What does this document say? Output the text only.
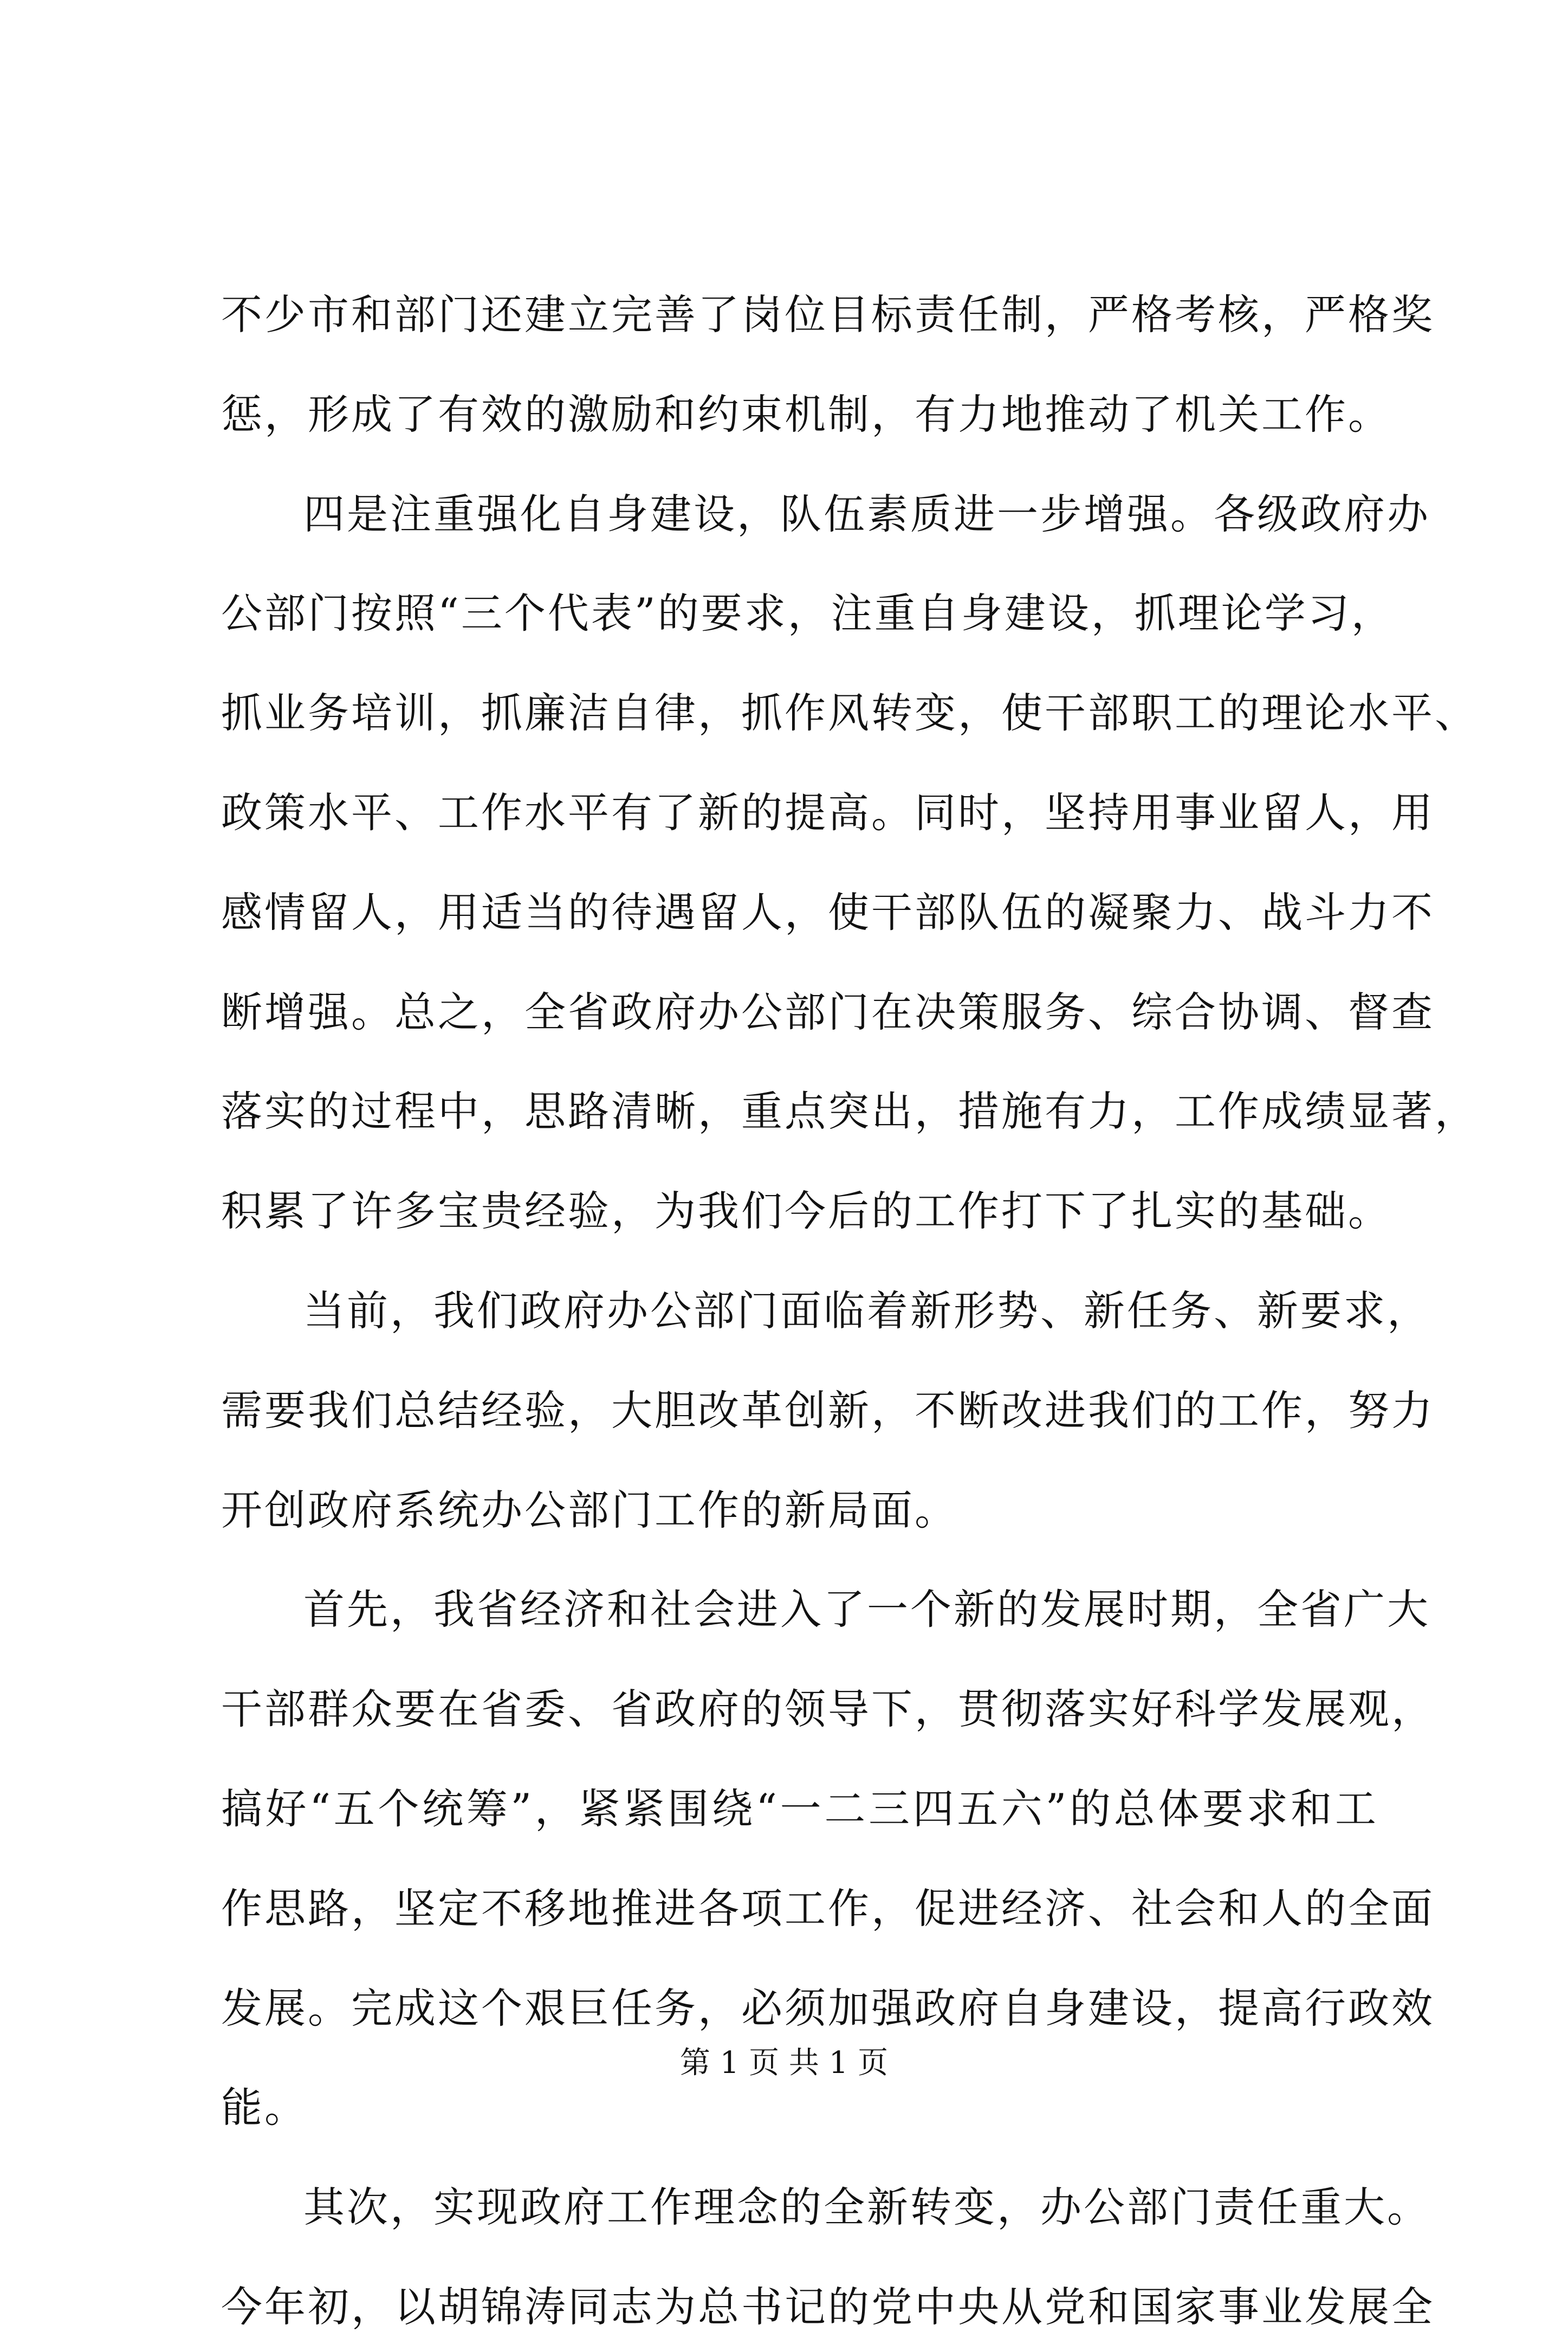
不少市和部门还建立完善了岗位目标责任制，严格考核，严格奖
惩，形成了有效的激励和约束机制，有力地推动了机关工作。
四是注重强化自身建设，队伍素质进一步增强。各级政府办
公部门按照“三个代表”的要求，注重自身建设，抓理论学习，
抓业务培训，抓廉洁自律，抓作风转变，使干部职工的理论水平、
政策水平、工作水平有了新的提高。同时，坚持用事业留人，用
感情留人，用适当的待遇留人，使干部队伍的凝聚力、战斗力不
断增强。总之，全省政府办公部门在决策服务、综合协调、督查
落实的过程中，思路清晰，重点突出，措施有力，工作成绩显著，
积累了许多宝贵经验，为我们今后的工作打下了扎实的基础。
当前，我们政府办公部门面临着新形势、新任务、新要求，
需要我们总结经验，大胆改革创新，不断改进我们的工作，努力
开创政府系统办公部门工作的新局面。
首先，我省经济和社会进入了一个新的发展时期，全省广大
干部群众要在省委、省政府的领导下，贯彻落实好科学发展观，
搞好“五个统筹”，紧紧围绕“一二三四五六”的总体要求和工
作思路，坚定不移地推进各项工作，促进经济、社会和人的全面
发展。完成这个艰巨任务，必须加强政府自身建设，提高行政效
能。
其次，实现政府工作理念的全新转变，办公部门责任重大。
今年初，以胡锦涛同志为总书记的党中央从党和国家事业发展全
第 1 页 共 1 页
